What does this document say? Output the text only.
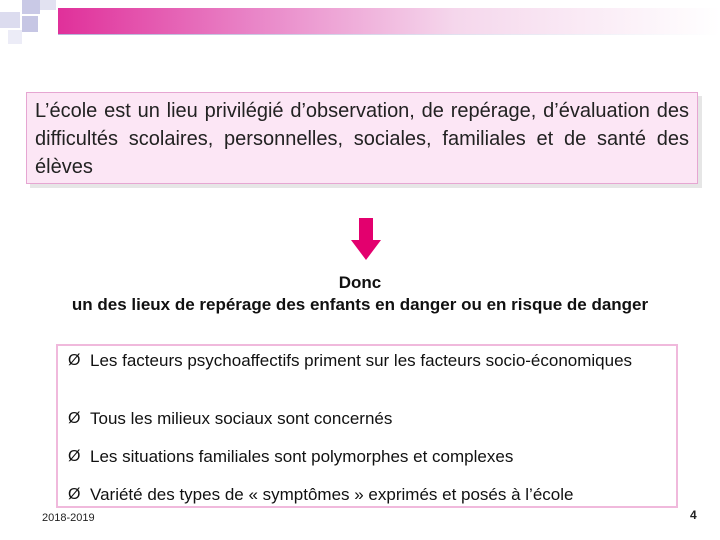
L’école est un lieu privilégié d’observation, de repérage, d’évaluation des difficultés scolaires, personnelles, sociales, familiales et de santé des élèves
Donc
un des lieux de repérage des enfants en danger ou en risque de danger
Ø Les facteurs psychoaffectifs priment sur les facteurs socio-économiques
Ø Tous les milieux sociaux sont concernés
Ø Les situations familiales sont polymorphes et complexes
Ø Variété des types de « symptômes » exprimés et posés à l’école
2018-2019	4
